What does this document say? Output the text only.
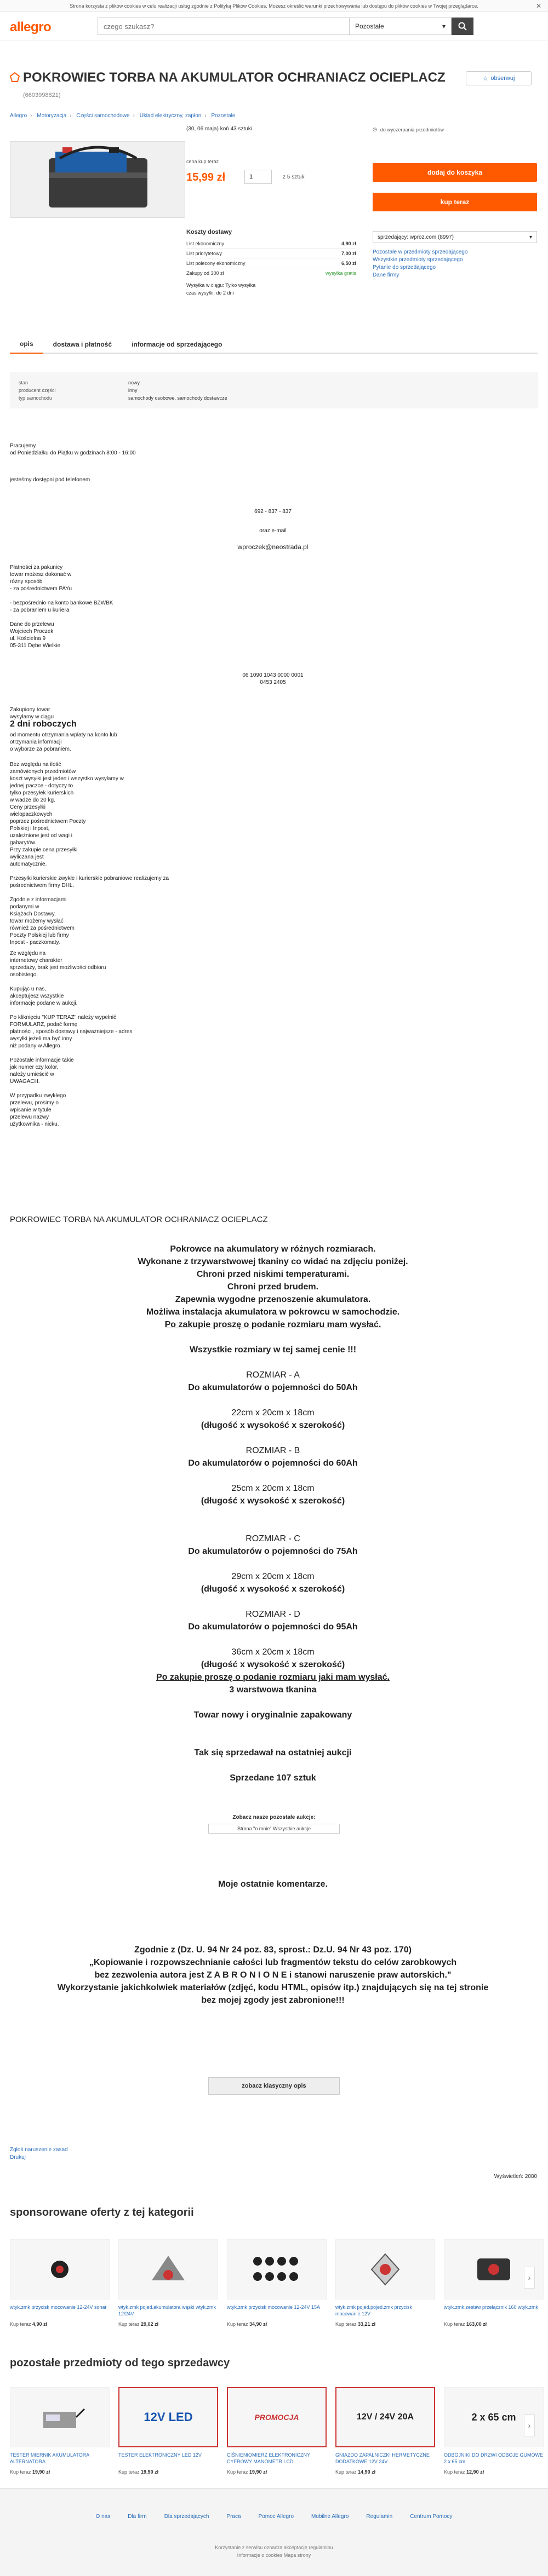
Strona korzysta z plików cookies w celu realizacji usług zgodnie z Polityką Plików Cookies. Możesz określić warunki przechowywania lub dostępu do plików cookies w Twojej przeglądarce.	✕
allegro
czego szukasz?	Pozostałe	▾
POKROWIEC TORBA NA AKUMULATOR OCHRANIACZ OCIEPLACZ (6603998821)
☆ obserwuj
Allegro › Motoryzacja › Części samochodowe › Układ elektryczny, zapłon › Pozostałe
(30, 06 maja) koń 43 sztuki	◷ do wyczerpania przedmiotów
cena kup teraz
15,99 zł
1	z 5 sztuk
dodaj do koszyka
kup teraz
Koszty dostawy
List ekonomiczny	4,90 zł
List priorytetowy	7,00 zł
List polecony ekonomiczny	6,50 zł
Zakupy od 300 zł	wysyłka gratis
Wysyłka w ciągu: Tylko wysyłka
czas wysyłki: do 2 dni
sprzedający: wproz.com (8997)	▾
Pozostałe w przedmioty sprzedającego
Wszystkie przedmioty sprzedającego
Pytanie do sprzedającego
Dane firmy
opis	dostawa i płatność	informacje od sprzedającego
stan	nowy
producent części	inny
typ samochodu	samochody osobowe, samochody dostawcze
Pracujemy
od Poniedziałku do Piątku w godzinach 8:00 - 16:00
jesteśmy dostępni pod telefonem
692 - 837 - 837
oraz e-mail
wproczek@neostrada.pl
Płatności za pakunicy
towar możesz dokonać w
różny sposób
- za pośrednictwem PAYu

- bezpośrednio na konto bankowe BZWBK
- za pobraniem u kuriera

Dane do przelewu
Wojciech Proczek
ul. Kościelna 9
05-311 Dębe Wielkie
06 1090 1043 0000 0001
0453 2405
Zakupiony towar
wysyłamy w ciągu
2 dni roboczych
od momentu otrzymania wpłaty na konto lub
otrzymania informacji
o wyborze za pobraniem.
Bez względu na ilość
zamówionych przedmiotów
koszt wysyłki jest jeden i wszystko wysyłamy w
jednej paczce - dotyczy to
tylko przesyłek kurierskich
w wadze do 20 kg.
Ceny przesyłki
wielopaczkowych
poprzez pośrednictwem Poczty
Polskiej i Inpost,
uzależnione jest od wagi i
gabarytów.
Przy zakupie cena przesyłki
wyliczana jest
automatycznie.

Przesyłki kurierskie zwykłe i kurierskie pobraniowe realizujemy za
pośrednictwem firmy DHL.

Zgodnie z informacjami
podanymi w
Książach Dostawy,
towar możemy wysłać
również za pośrednictwem
Poczty Polskiej lub firmy
Inpost - paczkomaty.
Ze względu na
internetowy charakter
sprzedaży, brak jest możliwości odbioru
osobistego.

Kupując u nas,
akceptujesz wszystkie
informacje podane w aukcji.

Po kliknięciu "KUP TERAZ" należy wypełnić
FORMULARZ, podać formę
płatności , sposób dostawy i najważniejsze - adres
wysyłki jeżeli ma być inny
niż podany w Allegro.

Pozostałe informacje takie
jak numer czy kolor,
należy umieścić w
UWAGACH.

W przypadku zwykłego
przelewu, prosimy o
wpisanie w tytule
przelewu nazwy
użytkownika - nicku.
POKROWIEC TORBA NA AKUMULATOR OCHRANIACZ OCIEPLACZ

Pokrowce na akumulatory w różnych rozmiarach.

Wykonane z trzywarstwowej tkaniny co widać na zdjęciu poniżej.

Chroni przed niskimi temperaturami.

Chroni przed brudem.

Zapewnia wygodne przenoszenie akumulatora.

Możliwa instalacja akumulatora w pokrowcu w samochodzie.

Po zakupie proszę o podanie rozmiaru mam wysłać.

Wszystkie rozmiary w tej samej cenie !!!

ROZMIAR - A

Do akumulatorów o pojemności do 50Ah

22cm x 20cm x 18cm

(długość x wysokość x szerokość)

ROZMIAR - B

Do akumulatorów o pojemności do 60Ah

25cm x 20cm x 18cm

(długość x wysokość x szerokość)

ROZMIAR - C

Do akumulatorów o pojemności do 75Ah

29cm x 20cm x 18cm

(długość x wysokość x szerokość)

ROZMIAR - D

Do akumulatorów o pojemności do 95Ah

36cm x 20cm x 18cm

(długość x wysokość x szerokość)

Po zakupie proszę o podanie rozmiaru jaki mam wysłać.

3 warstwowa tkanina

Towar nowy i oryginalnie zapakowany

Tak się sprzedawał na ostatniej aukcji

Sprzedane 107 sztuk

Zobacz nasze pozostałe aukcje:
Strona "o mnie" Wszystkie aukcje
Moje ostatnie komentarze.

Zgodnie z (Dz. U. 94 Nr 24 poz. 83, sprost.: Dz.U. 94 Nr 43 poz. 170)

„Kopiowanie i rozpowszechnianie całości lub fragmentów tekstu do celów zarobkowych

bez zezwolenia autora jest Z A B R O N I O N E i stanowi naruszenie praw autorskich."

Wykorzystanie jakichkolwiek materiałów (zdjęć, kodu HTML, opisów itp.) znajdujących się na tej stronie

bez mojej zgody jest zabronione!!!

zobacz klasyczny opis
Zgłoś naruszenie zasad
Drukuj
Wyświetleń: 2080
sponsorowane oferty z tej kategorii
wtyk.zmk przycisk mocowanie 12-24V sonar
Kup teraz 4,90 zł
wtyk.zmk pojed.akumulatora wąski wtyk.zmk 12/24V
Kup teraz 29,02 zł
wtyk.zmk przycisk mocowanie 12-24V 15A
Kup teraz 34,90 zł
wtyk.zmk pojed.pojed.zmk przycisk mocowanie 12V
Kup teraz 33,21 zł
wtyk.zmk.zestaw przełącznik 160 wtyk.zmk
Kup teraz 163,00 zł
›
pozostałe przedmioty od tego sprzedawcy
TESTER MIERNIK AKUMULATORA ALTERNATORA
Kup teraz 19,90 zł
12V LED
TESTER ELEKTRONICZNY LED 12V
Kup teraz 19,90 zł
PROMOCJA
CIŚNIENIOMIERZ ELEKTRONICZNY CYFROWY MANOMETR LCD
Kup teraz 19,90 zł
12V / 24V 20A
GNIAZDO ZAPALNICZKI HERMETYCZNE DODATKOWE 12V 24V
Kup teraz 14,90 zł
2 x 65 cm
ODBOJNIKI DO DRZWI ODBOJE GUMOWE 2 x 65 cm
Kup teraz 12,90 zł
›
O nas	Dla firm	Dla sprzedających	Praca	Pomoc Allegro	Mobilne Allegro	Regulamin	Centrum Pomocy
Korzystanie z serwisu oznacza akceptację regulaminu
Informacje o cookies Mapa strony
